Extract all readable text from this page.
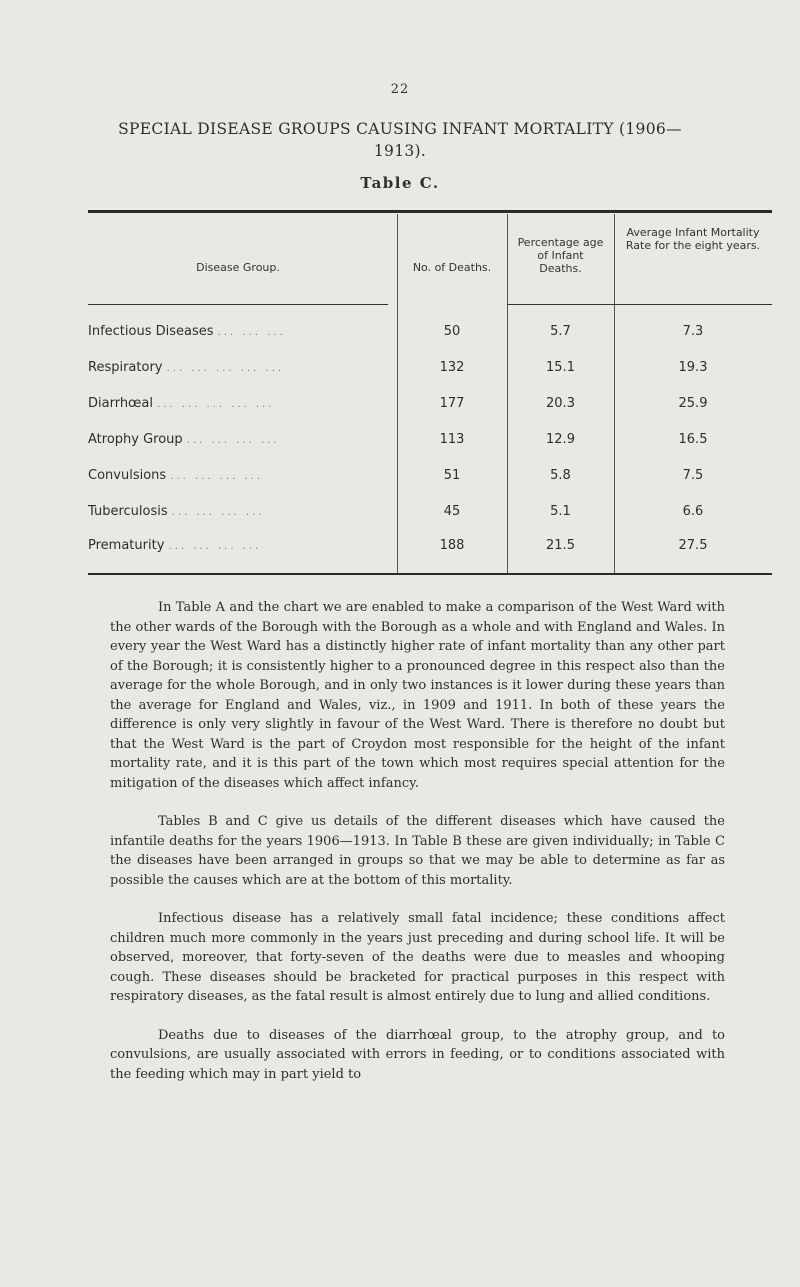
22
SPECIAL DISEASE GROUPS CAUSING INFANT MORTALITY (1906—1913).
Table C.
Disease Group.	No. of Deaths.
Percentage age of Infant Deaths.
Average Infant Mortality Rate for the eight years.
Infectious Diseases ... ... ...	50	5.7	7.3
Respiratory ... ... ... ... ...	132	15.1	19.3
Diarrhœal ... ... ... ... ...	177	20.3	25.9
Atrophy Group ... ... ... ...	113	12.9	16.5
Convulsions ... ... ... ...	51	5.8	7.5
Tuberculosis ... ... ... ...	45	5.1	6.6
Prematurity ... ... ... ...	188	21.5	27.5

In Table A and the chart we are enabled to make a comparison of the West Ward with the other wards of the Borough with the Borough as a whole and with England and Wales. In every year the West Ward has a distinctly higher rate of infant mortality than any other part of the Borough; it is consistently higher to a pronounced degree in this respect also than the average for the whole Borough, and in only two instances is it lower during these years than the average for England and Wales, viz., in 1909 and 1911. In both of these years the difference is only very slightly in favour of the West Ward. There is therefore no doubt but that the West Ward is the part of Croydon most responsible for the height of the infant mortality rate, and it is this part of the town which most requires special attention for the mitigation of the diseases which affect infancy.

Tables B and C give us details of the different diseases which have caused the infantile deaths for the years 1906—1913. In Table B these are given individually; in Table C the diseases have been arranged in groups so that we may be able to determine as far as possible the causes which are at the bottom of this mortality.

Infectious disease has a relatively small fatal incidence; these conditions affect children much more commonly in the years just preceding and during school life. It will be observed, moreover, that forty-seven of the deaths were due to measles and whooping cough. These diseases should be bracketed for practical purposes in this respect with respiratory diseases, as the fatal result is almost entirely due to lung and allied conditions.

Deaths due to diseases of the diarrhœal group, to the atrophy group, and to convulsions, are usually associated with errors in feeding, or to conditions associated with the feeding which may in part yield to
